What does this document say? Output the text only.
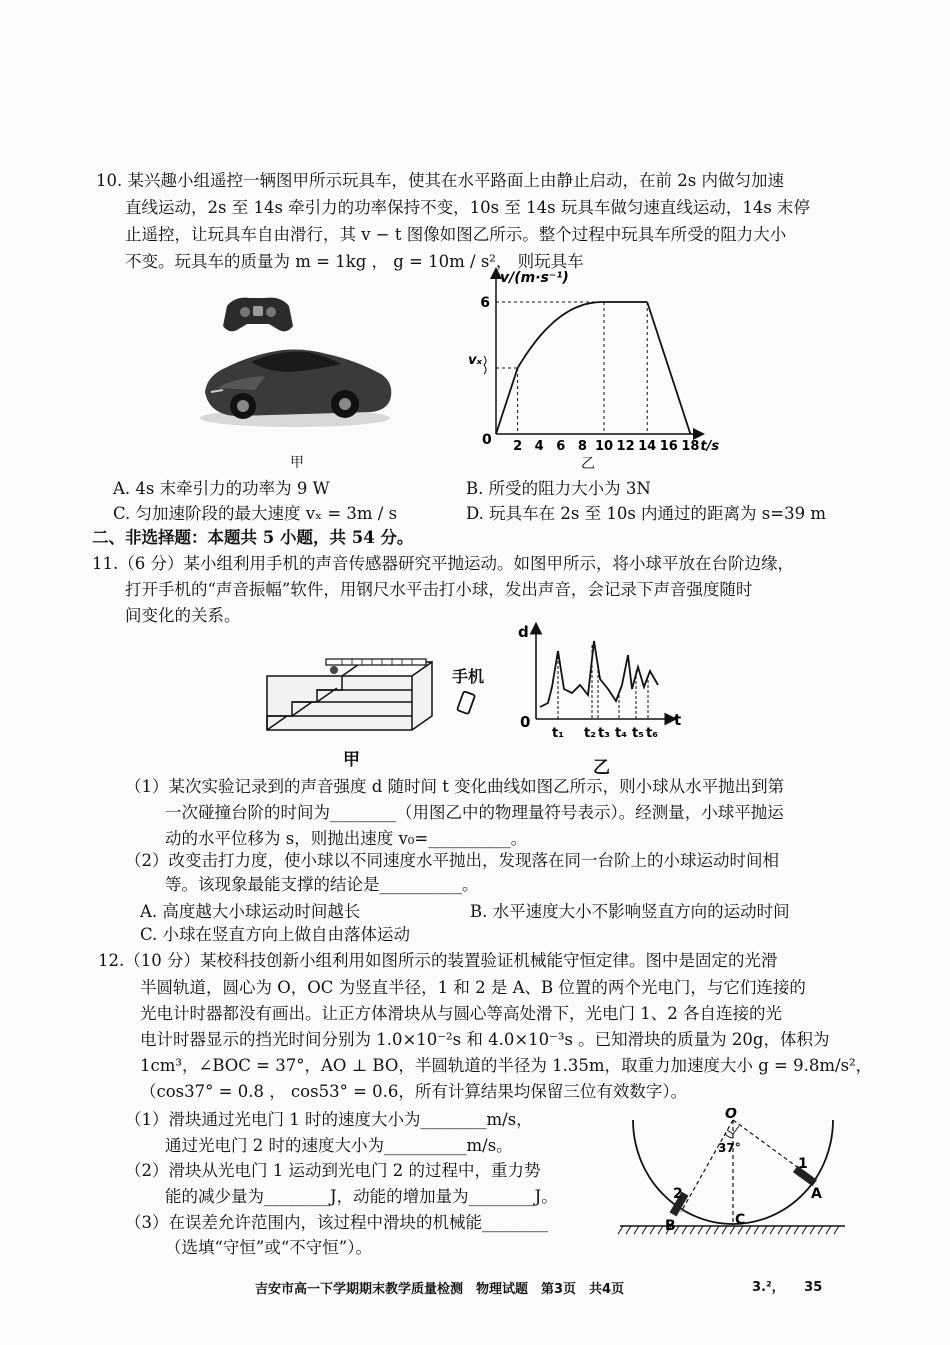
10. 某兴趣小组遥控一辆图甲所示玩具车，使其在水平路面上由静止启动，在前 2s 内做匀加速
直线运动，2s 至 14s 牵引力的功率保持不变，10s 至 14s 玩具车做匀速直线运动，14s 末停
止遥控，让玩具车自由滑行，其 v − t 图像如图乙所示。整个过程中玩具车所受的阻力大小
不变。玩具车的质量为 m = 1kg ， g = 10m / s²， 则玩具车
甲
v/(m·s⁻¹)
0 2 4 6 8 10 12 14 16 18 t/s
6
vₓ
乙
A. 4s 末牵引力的功率为 9 W	B. 所受的阻力大小为 3N
C. 匀加速阶段的最大速度 vₓ = 3m / s	D. 玩具车在 2s 至 10s 内通过的距离为 s=39 m
二、非选择题：本题共 5 小题，共 54 分。
11.（6 分）某小组利用手机的声音传感器研究平抛运动。如图甲所示，将小球平放在台阶边缘，
打开手机的“声音振幅”软件，用钢尺水平击打小球，发出声音，会记录下声音强度随时
间变化的关系。
手机
甲
d
t
0
t₁ t₂ t₃ t₄ t₅ t₆
乙
（1）某次实验记录到的声音强度 d 随时间 t 变化曲线如图乙所示，则小球从水平抛出到第
一次碰撞台阶的时间为________（用图乙中的物理量符号表示）。经测量，小球平抛运
动的水平位移为 s，则抛出速度 v₀=__________。
（2）改变击打力度，使小球以不同速度水平抛出，发现落在同一台阶上的小球运动时间相
等。该现象最能支撑的结论是__________。
A. 高度越大小球运动时间越长	B. 水平速度大小不影响竖直方向的运动时间
C. 小球在竖直方向上做自由落体运动
12.（10 分）某校科技创新小组利用如图所示的装置验证机械能守恒定律。图中是固定的光滑
半圆轨道，圆心为 O，OC 为竖直半径，1 和 2 是 A、B 位置的两个光电门，与它们连接的
光电计时器都没有画出。让正方体滑块从与圆心等高处滑下，光电门 1、2 各自连接的光
电计时器显示的挡光时间分别为 1.0×10⁻²s 和 4.0×10⁻³s 。已知滑块的质量为 20g，体积为
1cm³，∠BOC = 37°，AO ⊥ BO，半圆轨道的半径为 1.35m，取重力加速度大小 g = 9.8m/s²，
（cos37° = 0.8 ， cos53° = 0.6，所有计算结果均保留三位有效数字）。
（1）滑块通过光电门 1 时的速度大小为________m/s，
通过光电门 2 时的速度大小为__________m/s。
（2）滑块从光电门 1 运动到光电门 2 的过程中，重力势
能的减少量为________J，动能的增加量为________J。
（3）在误差允许范围内，该过程中滑块的机械能________
（选填“守恒”或“不守恒”）。
O
A
B	C
1
2
37°
吉安市高一下学期期末教学质量检测　物理试题　第3页　共4页	3.²，　　35
